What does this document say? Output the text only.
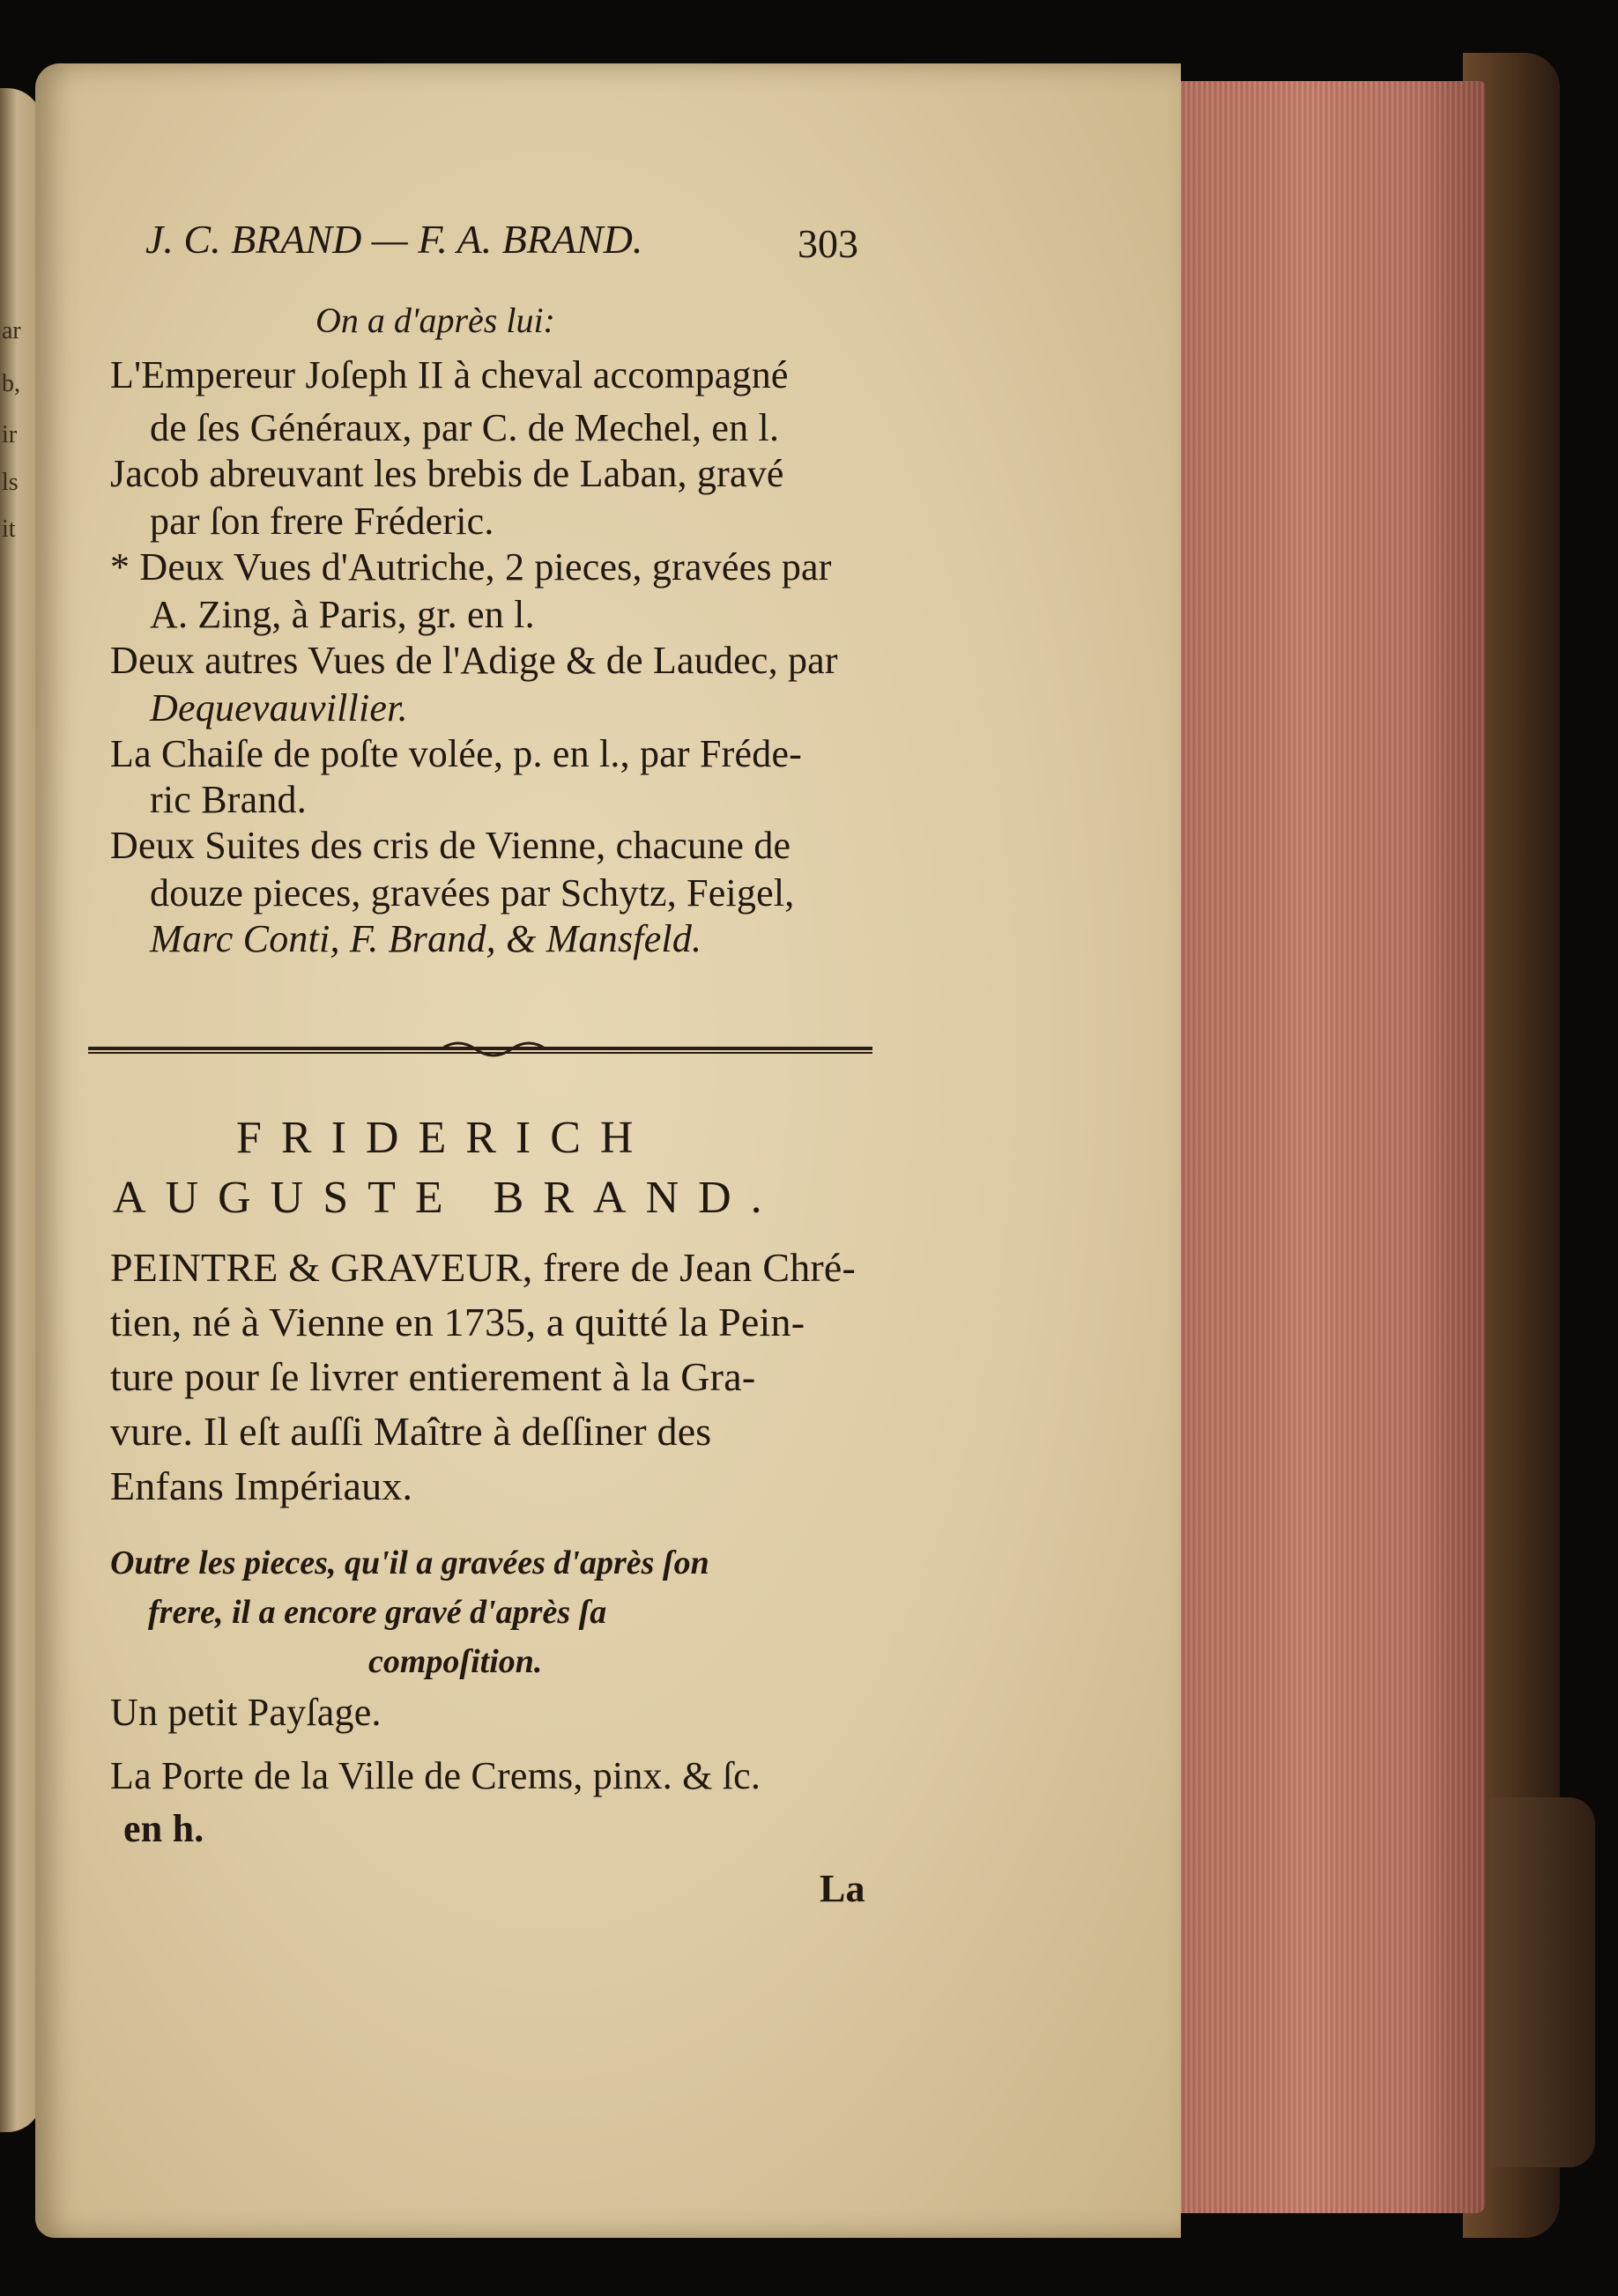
ar
b,
ir
ls
it
J. C. BRAND — F. A. BRAND.	303
On a d'après lui:
L'Empereur Joſeph II à cheval accompagné
de ſes Généraux, par C. de Mechel, en l.
Jacob abreuvant les brebis de Laban, gravé
par ſon frere Fréderic.
* Deux Vues d'Autriche, 2 pieces, gravées par
A. Zing, à Paris, gr. en l.
Deux autres Vues de l'Adige & de Laudec, par
Dequevauvillier.
La Chaiſe de poſte volée, p. en l., par Fréde-
ric Brand.
Deux Suites des cris de Vienne, chacune de
douze pieces, gravées par Schytz, Feigel,
Marc Conti, F. Brand, & Mansfeld.
FRIDERICH
AUGUSTE BRAND.
PEINTRE & GRAVEUR, frere de Jean Chré-
tien, né à Vienne en 1735, a quitté la Pein-
ture pour ſe livrer entierement à la Gra-
vure. Il eſt auſſi Maître à deſſiner des
Enfans Impériaux.
Outre les pieces, qu'il a gravées d'après ſon
frere, il a encore gravé d'après ſa
compoſition.
Un petit Payſage.
La Porte de la Ville de Crems, pinx. & ſc.
en h.
La
